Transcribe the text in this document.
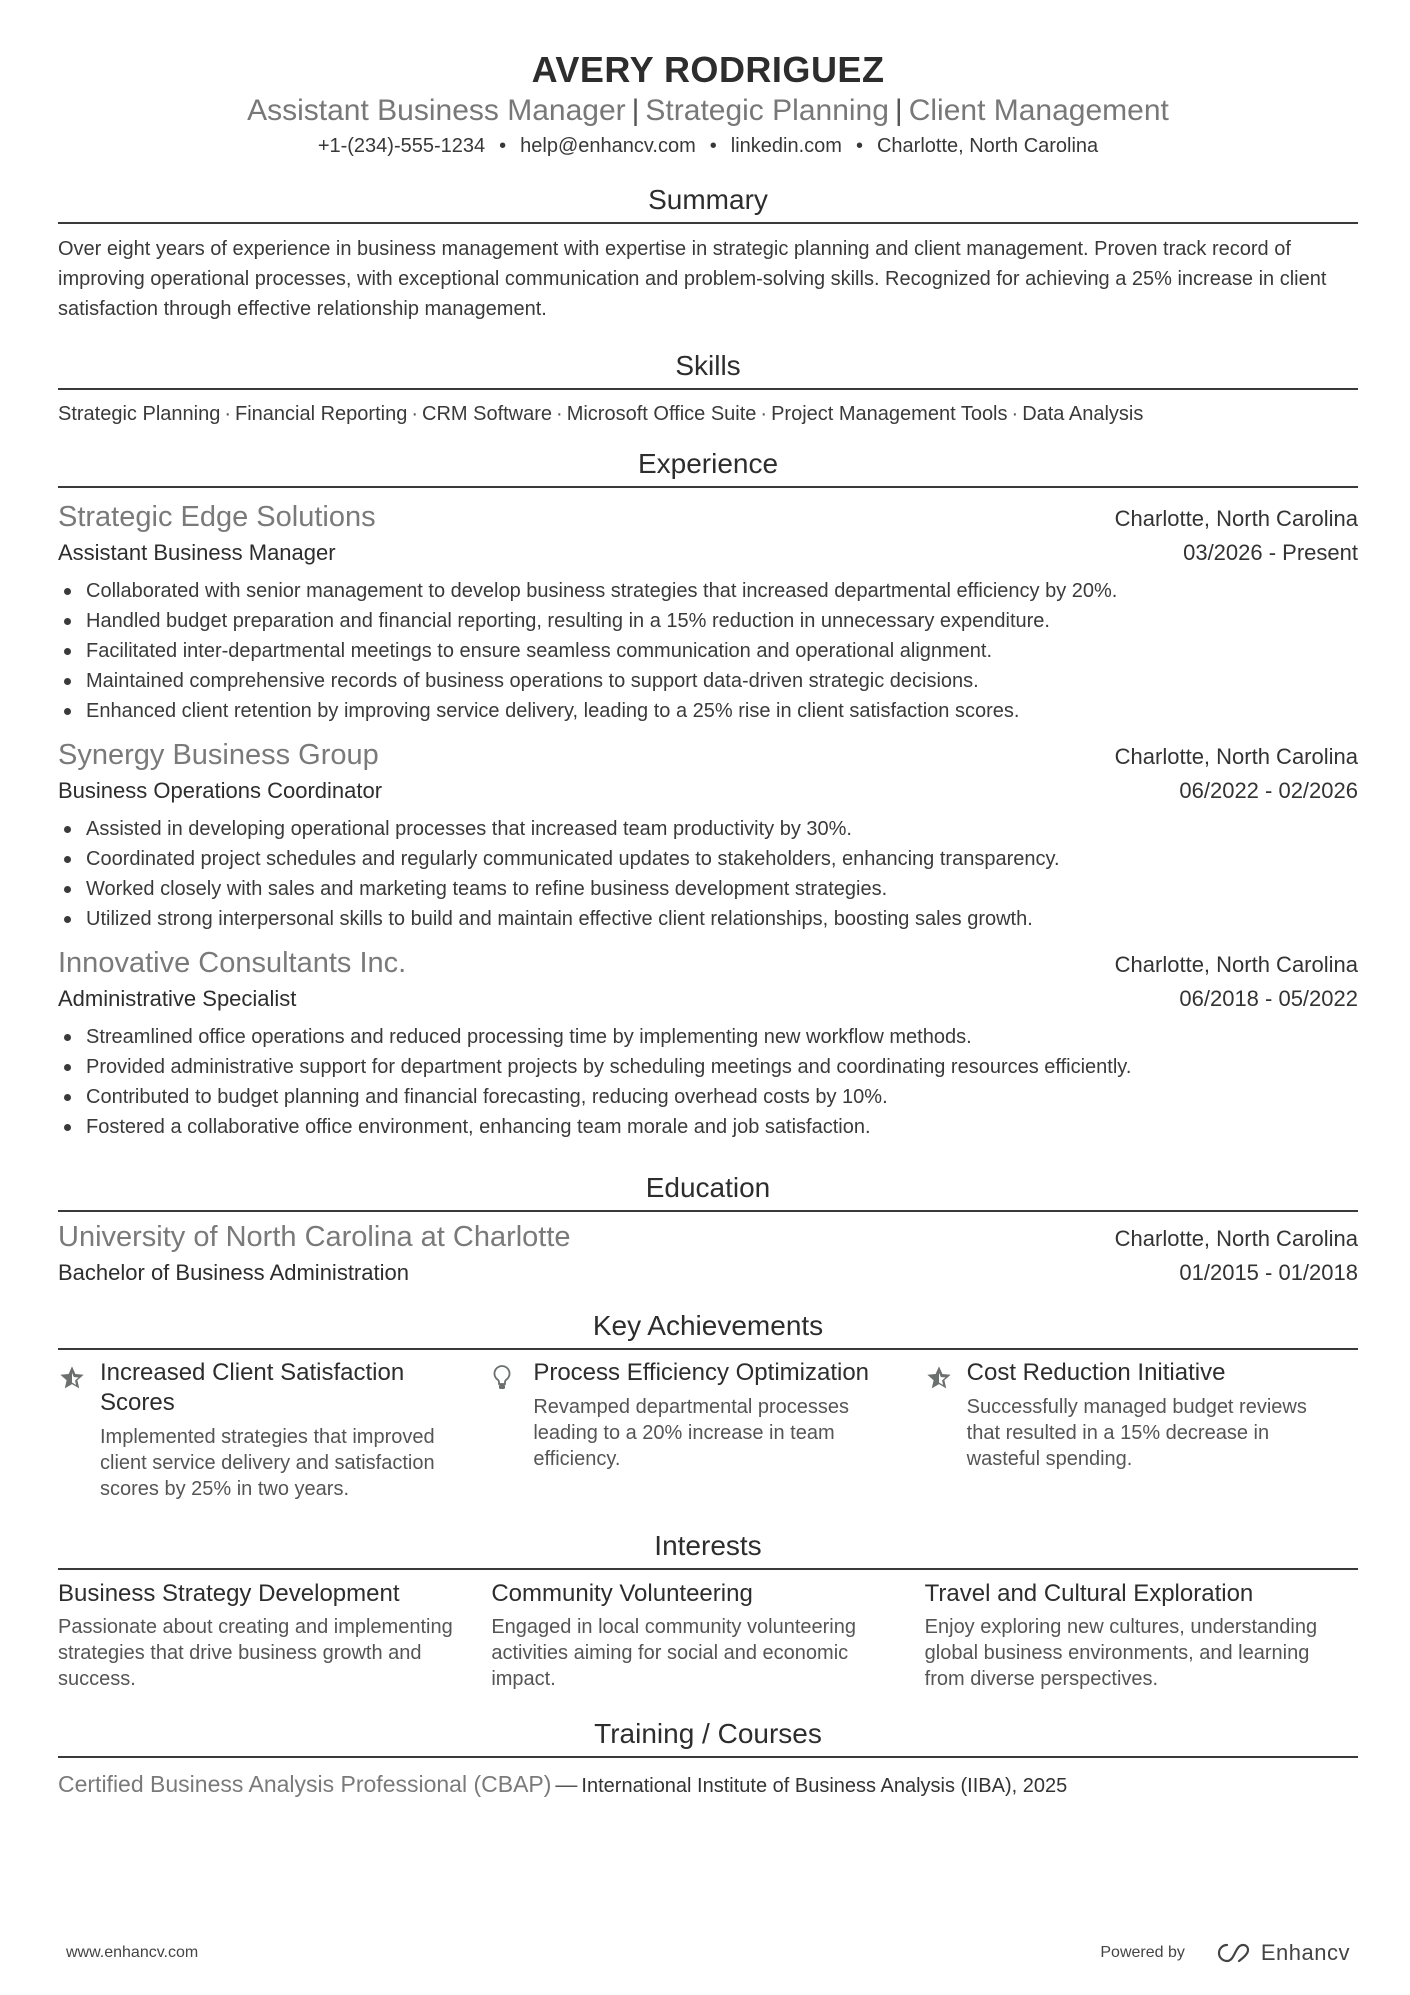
AVERY RODRIGUEZ
Assistant Business Manager | Strategic Planning | Client Management
+1-(234)-555-1234 • help@enhancv.com • linkedin.com • Charlotte, North Carolina
Summary
Over eight years of experience in business management with expertise in strategic planning and client management. Proven track record of improving operational processes, with exceptional communication and problem-solving skills. Recognized for achieving a 25% increase in client satisfaction through effective relationship management.
Skills
Strategic Planning · Financial Reporting · CRM Software · Microsoft Office Suite · Project Management Tools · Data Analysis
Experience
Strategic Edge Solutions	Charlotte, North Carolina
Assistant Business Manager	03/2026 - Present
Collaborated with senior management to develop business strategies that increased departmental efficiency by 20%.
Handled budget preparation and financial reporting, resulting in a 15% reduction in unnecessary expenditure.
Facilitated inter-departmental meetings to ensure seamless communication and operational alignment.
Maintained comprehensive records of business operations to support data-driven strategic decisions.
Enhanced client retention by improving service delivery, leading to a 25% rise in client satisfaction scores.
Synergy Business Group	Charlotte, North Carolina
Business Operations Coordinator	06/2022 - 02/2026
Assisted in developing operational processes that increased team productivity by 30%.
Coordinated project schedules and regularly communicated updates to stakeholders, enhancing transparency.
Worked closely with sales and marketing teams to refine business development strategies.
Utilized strong interpersonal skills to build and maintain effective client relationships, boosting sales growth.
Innovative Consultants Inc.	Charlotte, North Carolina
Administrative Specialist	06/2018 - 05/2022
Streamlined office operations and reduced processing time by implementing new workflow methods.
Provided administrative support for department projects by scheduling meetings and coordinating resources efficiently.
Contributed to budget planning and financial forecasting, reducing overhead costs by 10%.
Fostered a collaborative office environment, enhancing team morale and job satisfaction.
Education
University of North Carolina at Charlotte	Charlotte, North Carolina
Bachelor of Business Administration	01/2015 - 01/2018
Key Achievements
Increased Client Satisfaction Scores
Implemented strategies that improved client service delivery and satisfaction scores by 25% in two years.
Process Efficiency Optimization
Revamped departmental processes leading to a 20% increase in team efficiency.
Cost Reduction Initiative
Successfully managed budget reviews that resulted in a 15% decrease in wasteful spending.
Interests
Business Strategy Development
Passionate about creating and implementing strategies that drive business growth and success.
Community Volunteering
Engaged in local community volunteering activities aiming for social and economic impact.
Travel and Cultural Exploration
Enjoy exploring new cultures, understanding global business environments, and learning from diverse perspectives.
Training / Courses
Certified Business Analysis Professional (CBAP) — International Institute of Business Analysis (IIBA), 2025
www.enhancv.com	Powered by	Enhancv
